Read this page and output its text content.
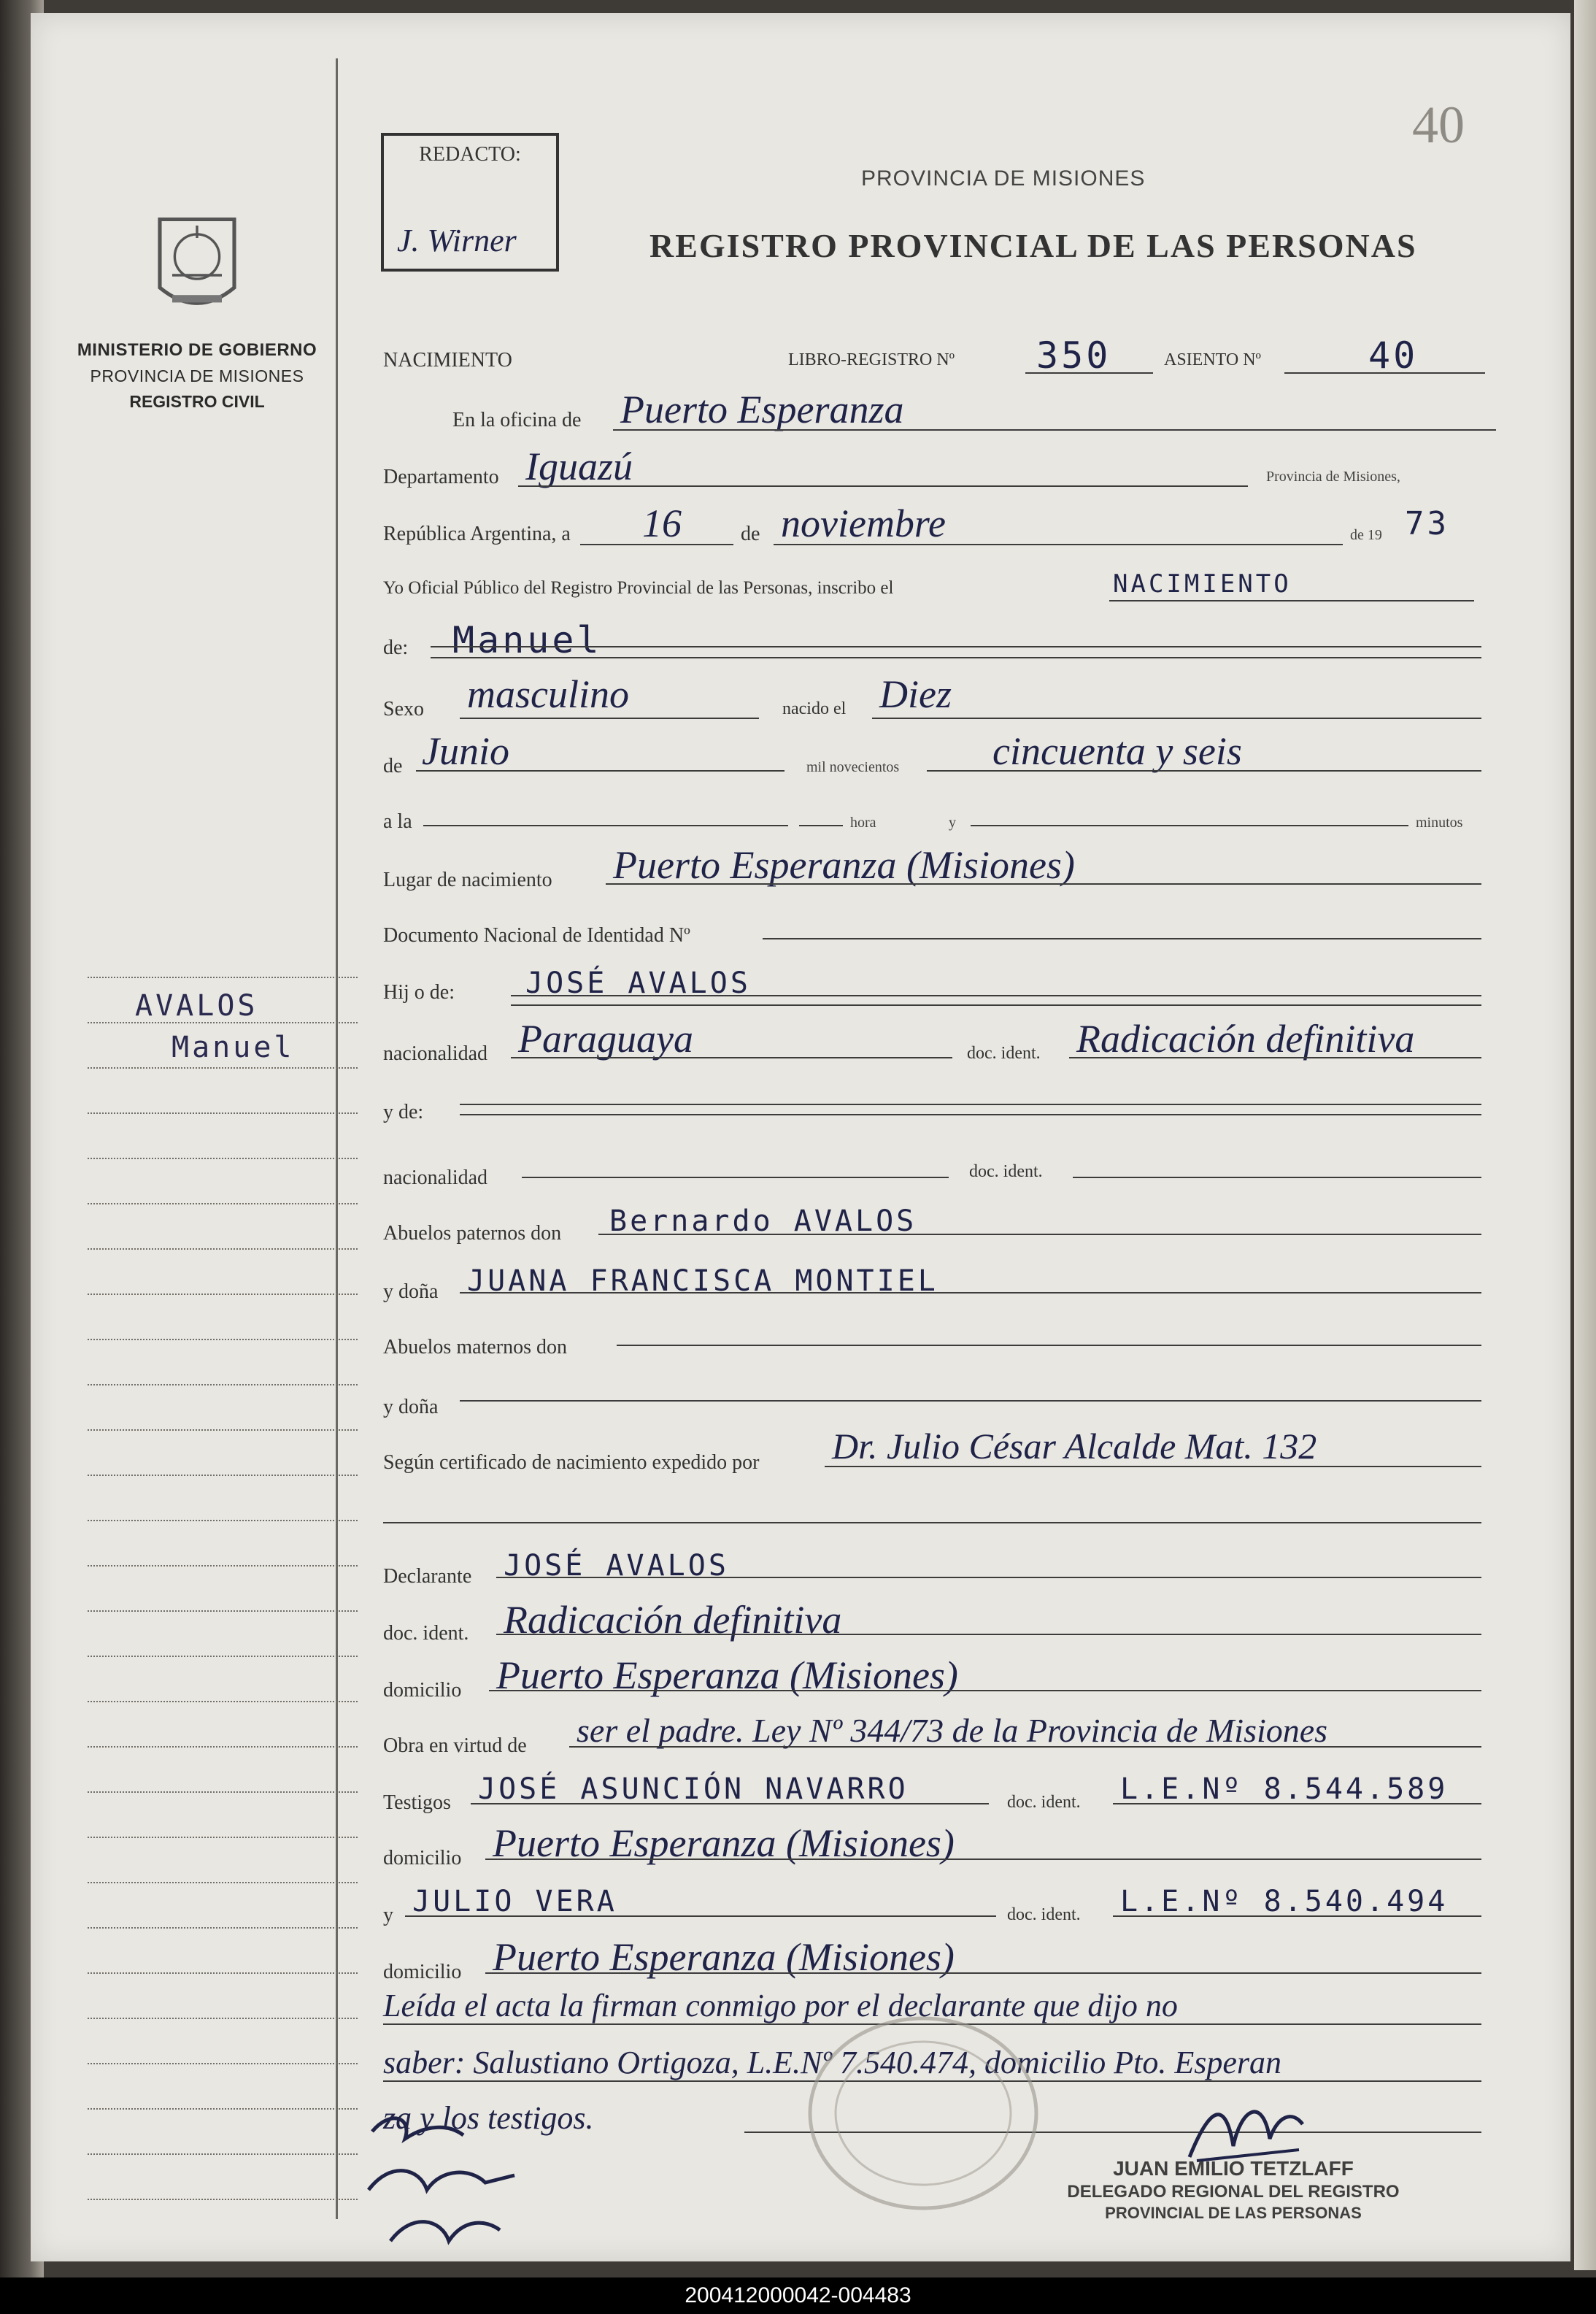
MINISTERIO DE GOBIERNO
PROVINCIA DE MISIONES
REGISTRO CIVIL
AVALOS
Manuel
REDACTO:
J. Wirner
40
PROVINCIA DE MISIONES
REGISTRO PROVINCIAL DE LAS PERSONAS
NACIMIENTO	LIBRO-REGISTRO Nº 350	ASIENTO Nº	40
En la oficina de Puerto Esperanza
Departamento Iguazú	Provincia de Misiones,
República Argentina, a 16	de noviembre	de 19 73
Yo Oficial Público del Registro Provincial de las Personas, inscribo el	NACIMIENTO
de: Manuel
Sexo masculino	nacido el Diez
de Junio	mil novecientos cincuenta y seis
a la	hora	y	minutos
Lugar de nacimiento Puerto Esperanza (Misiones)
Documento Nacional de Identidad Nº
Hij o de: JOSÉ AVALOS
nacionalidad Paraguaya	doc. ident. Radicación definitiva
y de:
nacionalidad	doc. ident.
Abuelos paternos don Bernardo AVALOS
y doña JUANA FRANCISCA MONTIEL
Abuelos maternos don
y doña
Según certificado de nacimiento expedido por Dr. Julio César Alcalde Mat. 132
Declarante JOSÉ AVALOS
doc. ident. Radicación definitiva
domicilio Puerto Esperanza (Misiones)
Obra en virtud de ser el padre. Ley Nº 344/73 de la Provincia de Misiones
Testigos JOSÉ ASUNCIÓN NAVARRO	doc. ident. L.E.Nº 8.544.589
domicilio Puerto Esperanza (Misiones)
y JULIO VERA	doc. ident. L.E.Nº 8.540.494
domicilio Puerto Esperanza (Misiones)
Leída el acta la firman conmigo por el declarante que dijo no
saber: Salustiano Ortigoza, L.E.Nº 7.540.474, domicilio Pto. Esperan
za y los testigos.
JUAN EMILIO TETZLAFF
DELEGADO REGIONAL DEL REGISTRO
PROVINCIAL DE LAS PERSONAS
200412000042-004483
